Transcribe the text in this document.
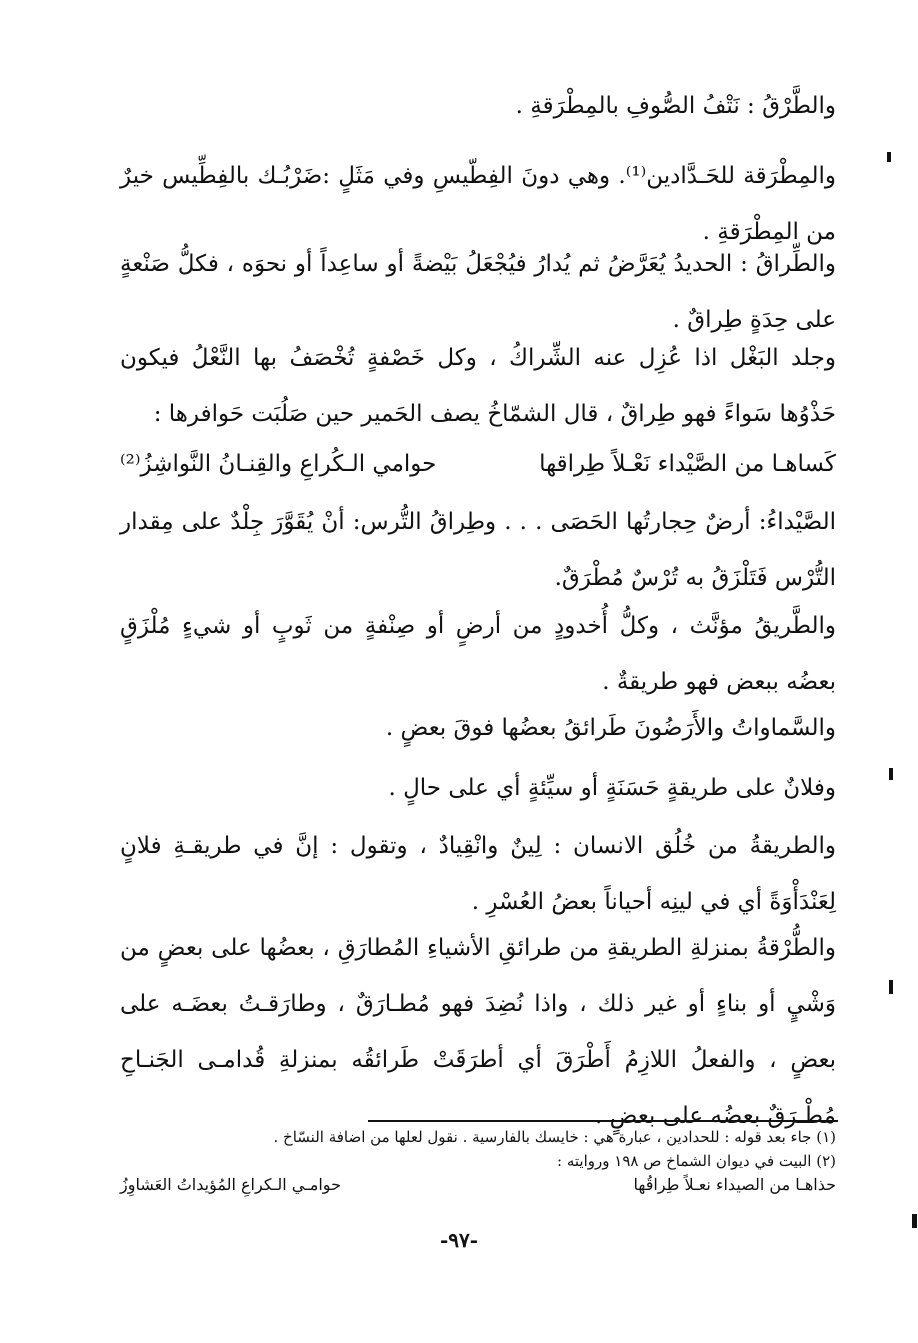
والطَّرْقُ : نَتْفُ الصُّوفِ بالمِطْرَقةِ .

والمِطْرَقة للحَـدَّادين⁽¹⁾. وهي دونَ الفِطّيسِ وفي مَثَلٍ :ضَرْبُـك بالفِطِّيس خيرٌ من المِطْرَقةِ .

والطِّراقُ : الحديدُ يُعَرَّضُ ثم يُدارُ فيُجْعَلُ بَيْضةً أو ساعِداً أو نحوَه ، فكلُّ صَنْعةٍ على حِدَةٍ طِراقٌ .

وجلد البَغْل اذا عُزِل عنه الشِّراكُ ، وكل خَصْفةٍ تُخْصَفُ بها النَّعْلُ فيكون حَذْوُها سَواءً فهو طِراقٌ ، قال الشمّاخُ يصف الحَمير حين صَلُبَت حَوافرها :

كَساهـا من الصَّيْداء نَعْـلاً طِراقها
حوامي الـكُراعِ والقِنـانُ النَّواشِزُ⁽²⁾

الصَّيْداءُ: أرضٌ حِجارتُها الحَصَى . . . وطِراقُ التُّرس: أنْ يُقَوَّرَ جِلْدٌ على مِقدار التُّرْس فَتَلْزَقُ به تُرْسٌ مُطْرَقٌ.

والطَّريقُ مؤنَّث ، وكلُّ أُخدودٍ من أرضٍ أو صِنْفةٍ من ثَوبٍ أو شيءٍ مُلْزَقٍ بعضُه ببعض فهو طريقةٌ .

والسَّماواتُ والأَرَضُونَ طَرائقُ بعضُها فوقَ بعضٍ .

وفلانٌ على طريقةٍ حَسَنَةٍ أو سيِّئةٍ أي على حالٍ .

والطريقةُ من خُلُق الانسان : لِينٌ وانْقِيادٌ ، وتقول : إنَّ في طريقـةِ فلانٍ لِعَنْدَأْوَةً أي في لينِه أحياناً بعضُ العُسْرِ .

والطُّرْقةُ بمنزلةِ الطريقةِ من طرائقِ الأشياءِ المُطارَقِ ، بعضُها على بعضٍ من وَشْيٍ أو بناءٍ أو غير ذلك ، واذا نُضِدَ فهو مُطـارَقٌ ، وطارَقـتُ بعضَـه على بعضٍ ، والفعلُ اللازِمُ أَطْرَقَ أي أطرَقَتْ طَرائقُه بمنزلةِ قُدامـى الجَنـاحِ مُطْـرَقٌ بعضُه على بعضٍ .

(١) جاء بعد قوله : للحدادين ، عبارة هي : خايسك بالفارسية . نقول لعلها من اضافة النسّاخ .

(٢) البيت في ديوان الشماخ ص ١٩٨ وروايته :

حذاهـا من الصيداء نعـلاً طِراقُها
حوامـي الـكراعِ المُؤيداتُ العَشاوِزُ
-٩٧-
